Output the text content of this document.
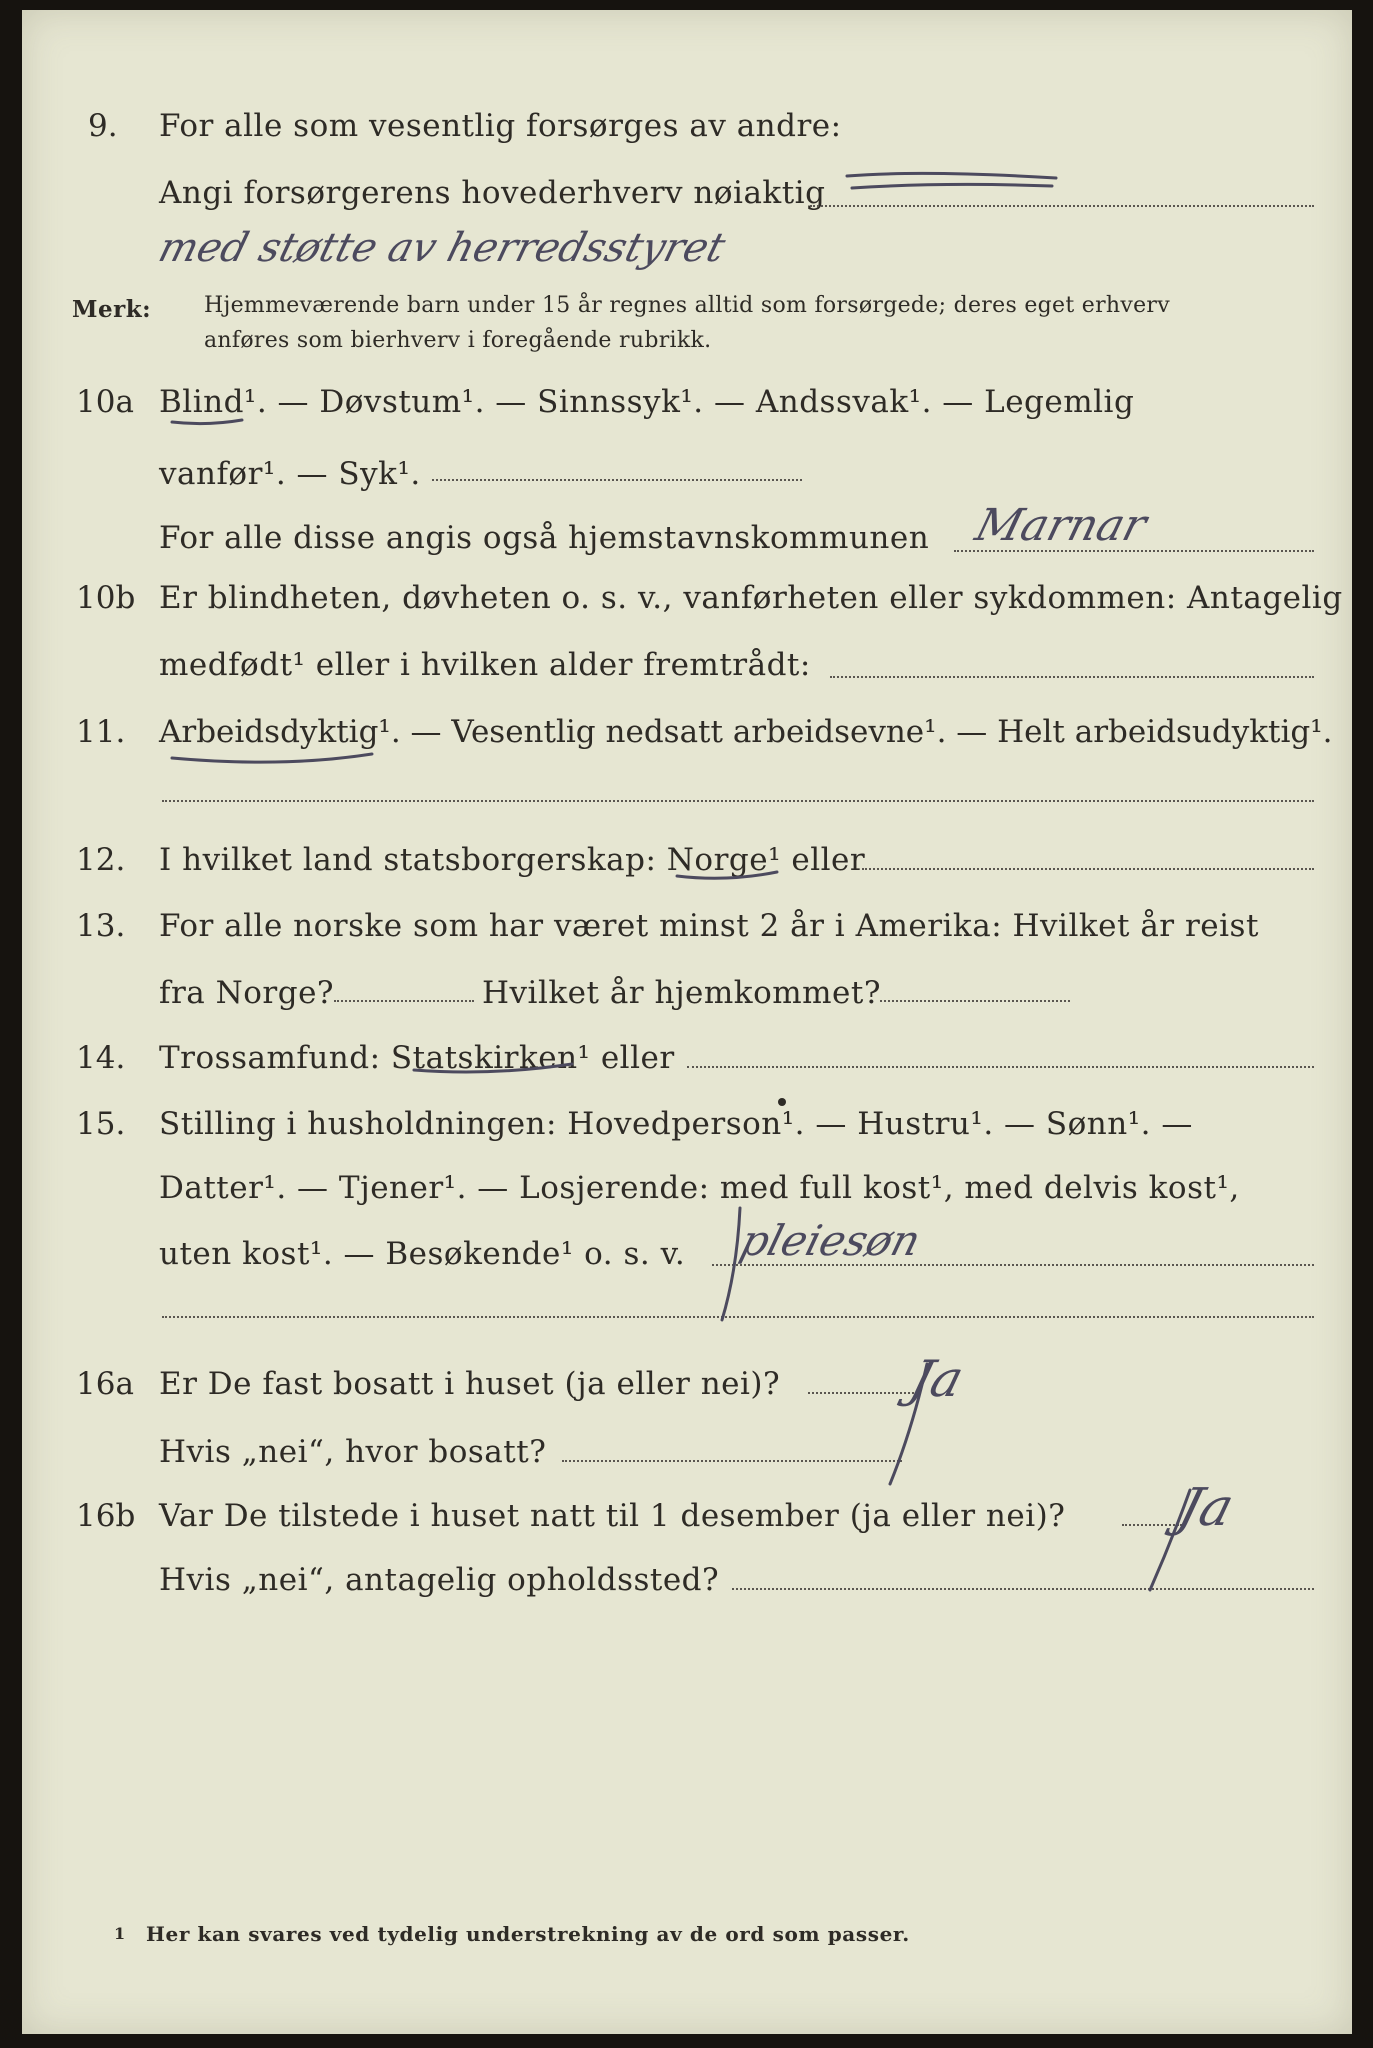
9. For alle som vesentlig forsørges av andre:
Angi forsørgerens hovederhverv nøiaktig
med støtte av herredsstyret
Merk: Hjemmeværende barn under 15 år regnes alltid som forsørgede; deres eget erhverv
anføres som bierhverv i foregående rubrikk.
10a Blind¹. — Døvstum¹. — Sinnssyk¹. — Andssvak¹. — Legemlig
vanfør¹. — Syk¹.
For alle disse angis også hjemstavnskommunen Marnar
10b Er blindheten, døvheten o. s. v., vanførheten eller sykdommen: Antagelig
medfødt¹ eller i hvilken alder fremtrådt:
11. Arbeidsdyktig¹. — Vesentlig nedsatt arbeidsevne¹. — Helt arbeidsudyktig¹.
12. I hvilket land statsborgerskap: Norge¹ eller
13. For alle norske som har været minst 2 år i Amerika: Hvilket år reist
fra Norge?	Hvilket år hjemkommet?
14. Trossamfund: Statskirken¹ eller
15. Stilling i husholdningen: Hovedperson¹. — Hustru¹. — Sønn¹. —
Datter¹. — Tjener¹. — Losjerende: med full kost¹, med delvis kost¹,
uten kost¹. — Besøkende¹ o. s. v. pleiesøn
16a Er De fast bosatt i huset (ja eller nei)? Ja
Hvis „nei“, hvor bosatt?
16b Var De tilstede i huset natt til 1 desember (ja eller nei)? Ja
Hvis „nei“, antagelig opholdssted?
1 Her kan svares ved tydelig understrekning av de ord som passer.
